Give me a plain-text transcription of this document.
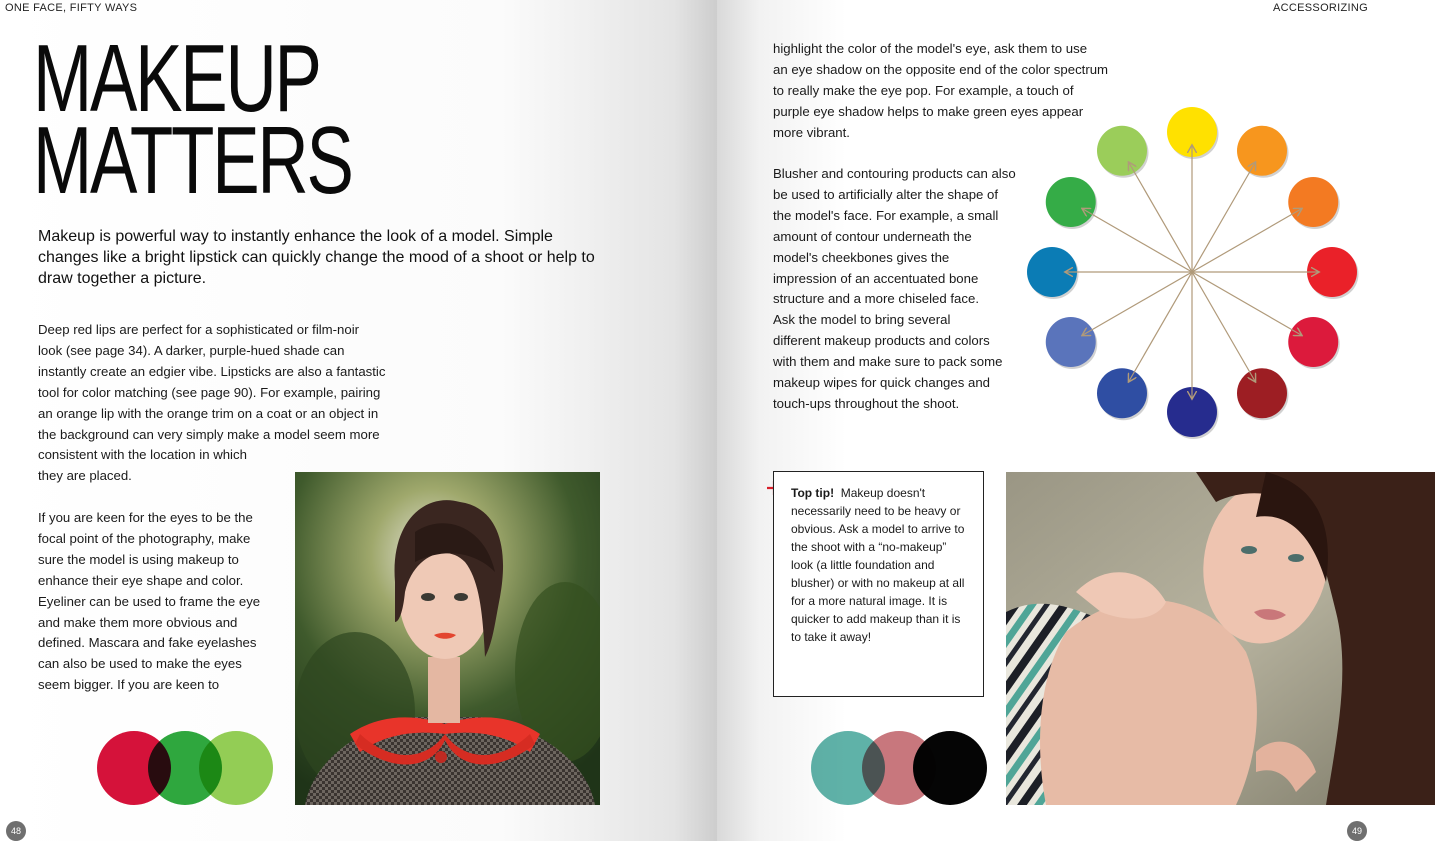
ONE FACE, FIFTY WAYS
MAKEUP
MATTERS

Makeup is powerful way to instantly enhance the look of a model. Simple changes like a bright lipstick can quickly change the mood of a shoot or help to draw together a picture.

Deep red lips are perfect for a sophisticated or film-noir
look (see page 34). A darker, purple-hued shade can
instantly create an edgier vibe. Lipsticks are also a fantastic
tool for color matching (see page 90). For example, pairing
an orange lip with the orange trim on a coat or an object in
the background can very simply make a model seem more
consistent with the location in which
they are placed.
If you are keen for the eyes to be the
focal point of the photography, make
sure the model is using makeup to
enhance their eye shape and color.
Eyeliner can be used to frame the eye
and make them more obvious and
defined. Mascara and fake eyelashes
can also be used to make the eyes
seem bigger. If you are keen to
48
ACCESSORIZING
highlight the color of the model's eye, ask them to use
an eye shadow on the opposite end of the color spectrum
to really make the eye pop. For example, a touch of
purple eye shadow helps to make green eyes appear
more vibrant.
Blusher and contouring products can also
be used to artificially alter the shape of
the model's face. For example, a small
amount of contour underneath the
model's cheekbones gives the
impression of an accentuated bone
structure and a more chiseled face.
Ask the model to bring several
different makeup products and colors
with them and make sure to pack some
makeup wipes for quick changes and
touch-ups throughout the shoot.

Top tip! Makeup doesn't necessarily need to be heavy or obvious. Ask a model to arrive to the shoot with a “no-makeup” look (a little foundation and blusher) or with no makeup at all for a more natural image. It is quicker to add makeup than it is to take it away!

49
